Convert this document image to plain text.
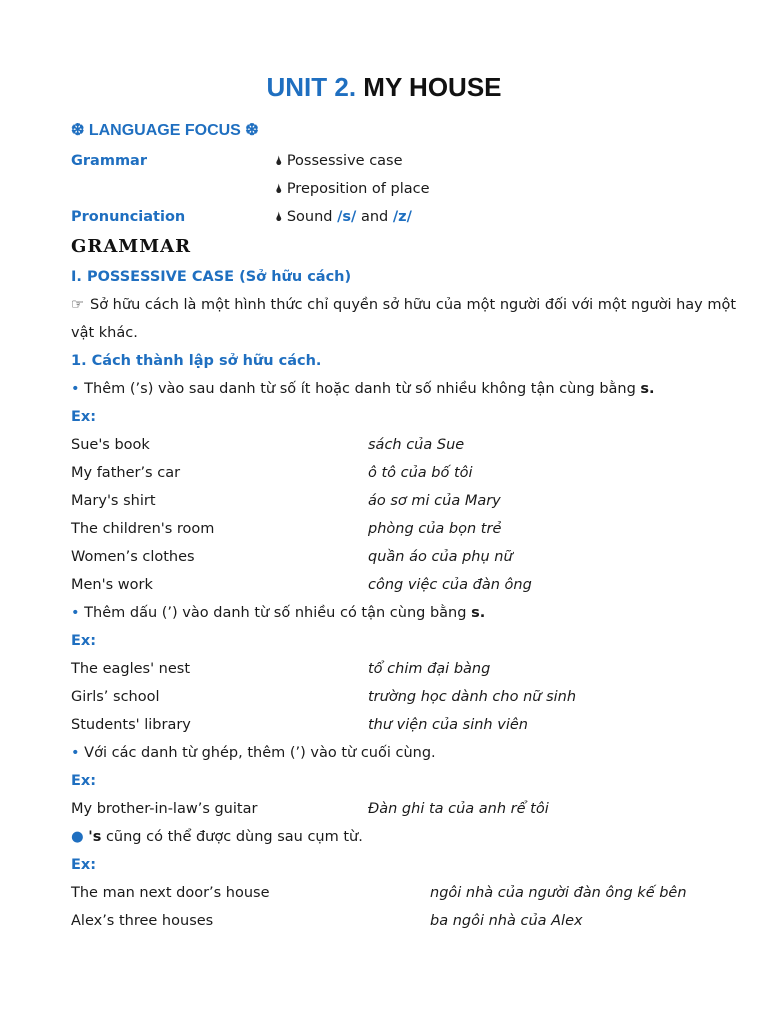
UNIT 2. MY HOUSE
❆ LANGUAGE FOCUS ❆
Grammar	🌢 Possessive case
🌢 Preposition of place
Pronunciation	🌢 Sound /s/ and /z/
GRAMMAR
I. POSSESSIVE CASE (Sở hữu cách)
☞ Sở hữu cách là một hình thức chỉ quyền sở hữu của một người đối với một người hay một
vật khác.
1. Cách thành lập sở hữu cách.
• Thêm (’s) vào sau danh từ số ít hoặc danh từ số nhiều không tận cùng bằng s.
Ex:
Sue's book	sách của Sue
My father’s car	ô tô của bố tôi
Mary's shirt	áo sơ mi của Mary
The children's room	phòng của bọn trẻ
Women’s clothes	quần áo của phụ nữ
Men's work	công việc của đàn ông
• Thêm dấu (’) vào danh từ số nhiều có tận cùng bằng s.
Ex:
The eagles' nest	tổ chim đại bàng
Girls’ school	trường học dành cho nữ sinh
Students' library	thư viện của sinh viên
• Với các danh từ ghép, thêm (’) vào từ cuối cùng.
Ex:
My brother-in-law’s guitar	Đàn ghi ta của anh rể tôi
● 's cũng có thể được dùng sau cụm từ.
Ex:
The man next door’s house	ngôi nhà của người đàn ông kế bên
Alex’s three houses	ba ngôi nhà của Alex
